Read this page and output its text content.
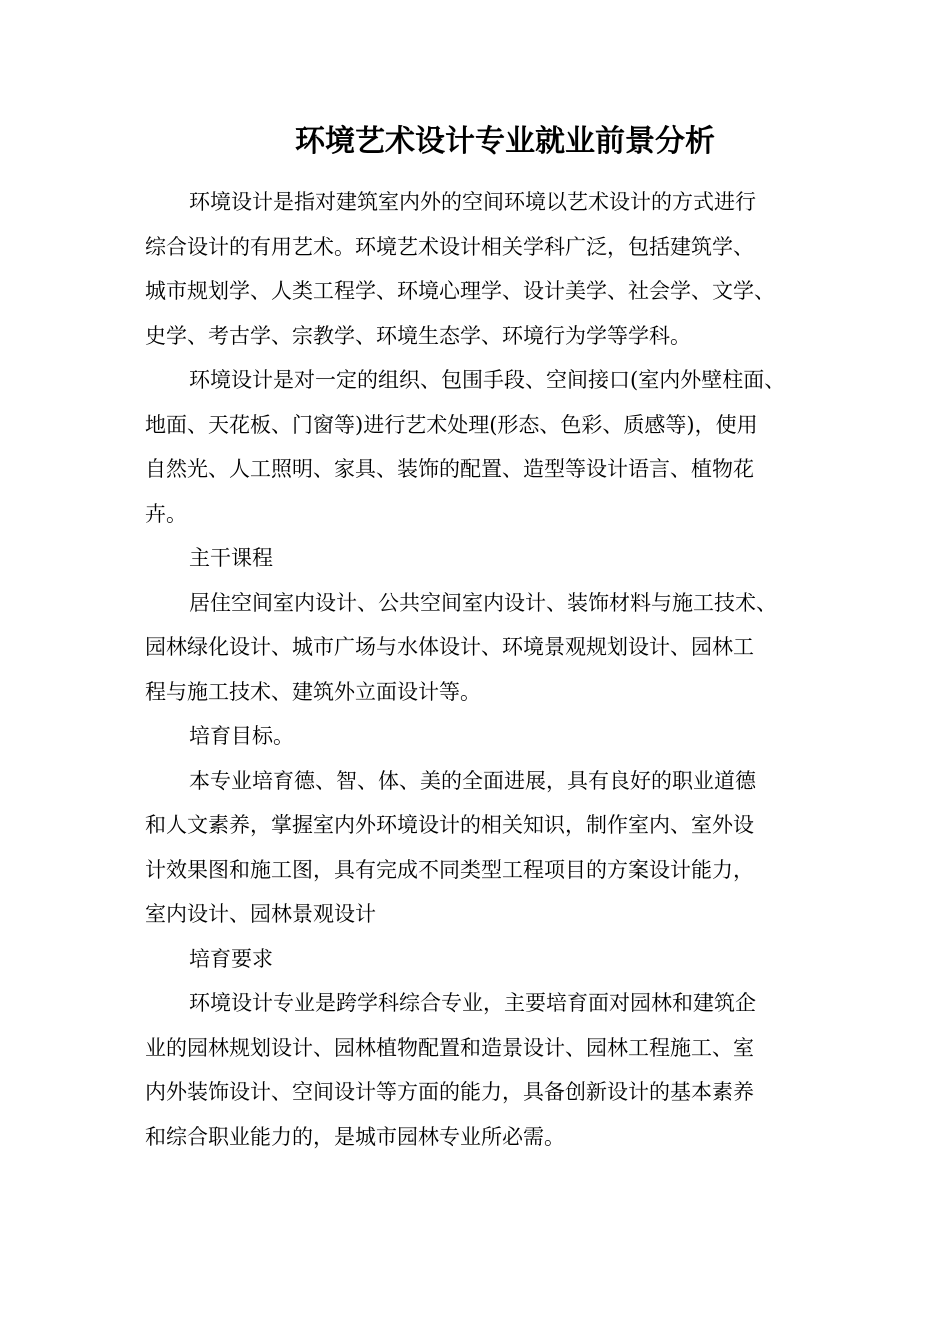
环境艺术设计专业就业前景分析
环境设计是指对建筑室内外的空间环境以艺术设计的方式进行
综合设计的有用艺术。环境艺术设计相关学科广泛，包括建筑学、
城市规划学、人类工程学、环境心理学、设计美学、社会学、文学、
史学、考古学、宗教学、环境生态学、环境行为学等学科。
环境设计是对一定的组织、包围手段、空间接口(室内外壁柱面、
地面、天花板、门窗等)进行艺术处理(形态、色彩、质感等)，使用
自然光、人工照明、家具、装饰的配置、造型等设计语言、植物花
卉。
主干课程
居住空间室内设计、公共空间室内设计、装饰材料与施工技术、
园林绿化设计、城市广场与水体设计、环境景观规划设计、园林工
程与施工技术、建筑外立面设计等。
培育目标。
本专业培育德、智、体、美的全面进展，具有良好的职业道德
和人文素养，掌握室内外环境设计的相关知识，制作室内、室外设
计效果图和施工图，具有完成不同类型工程项目的方案设计能力，
室内设计、园林景观设计
培育要求
环境设计专业是跨学科综合专业，主要培育面对园林和建筑企
业的园林规划设计、园林植物配置和造景设计、园林工程施工、室
内外装饰设计、空间设计等方面的能力，具备创新设计的基本素养
和综合职业能力的，是城市园林专业所必需。
